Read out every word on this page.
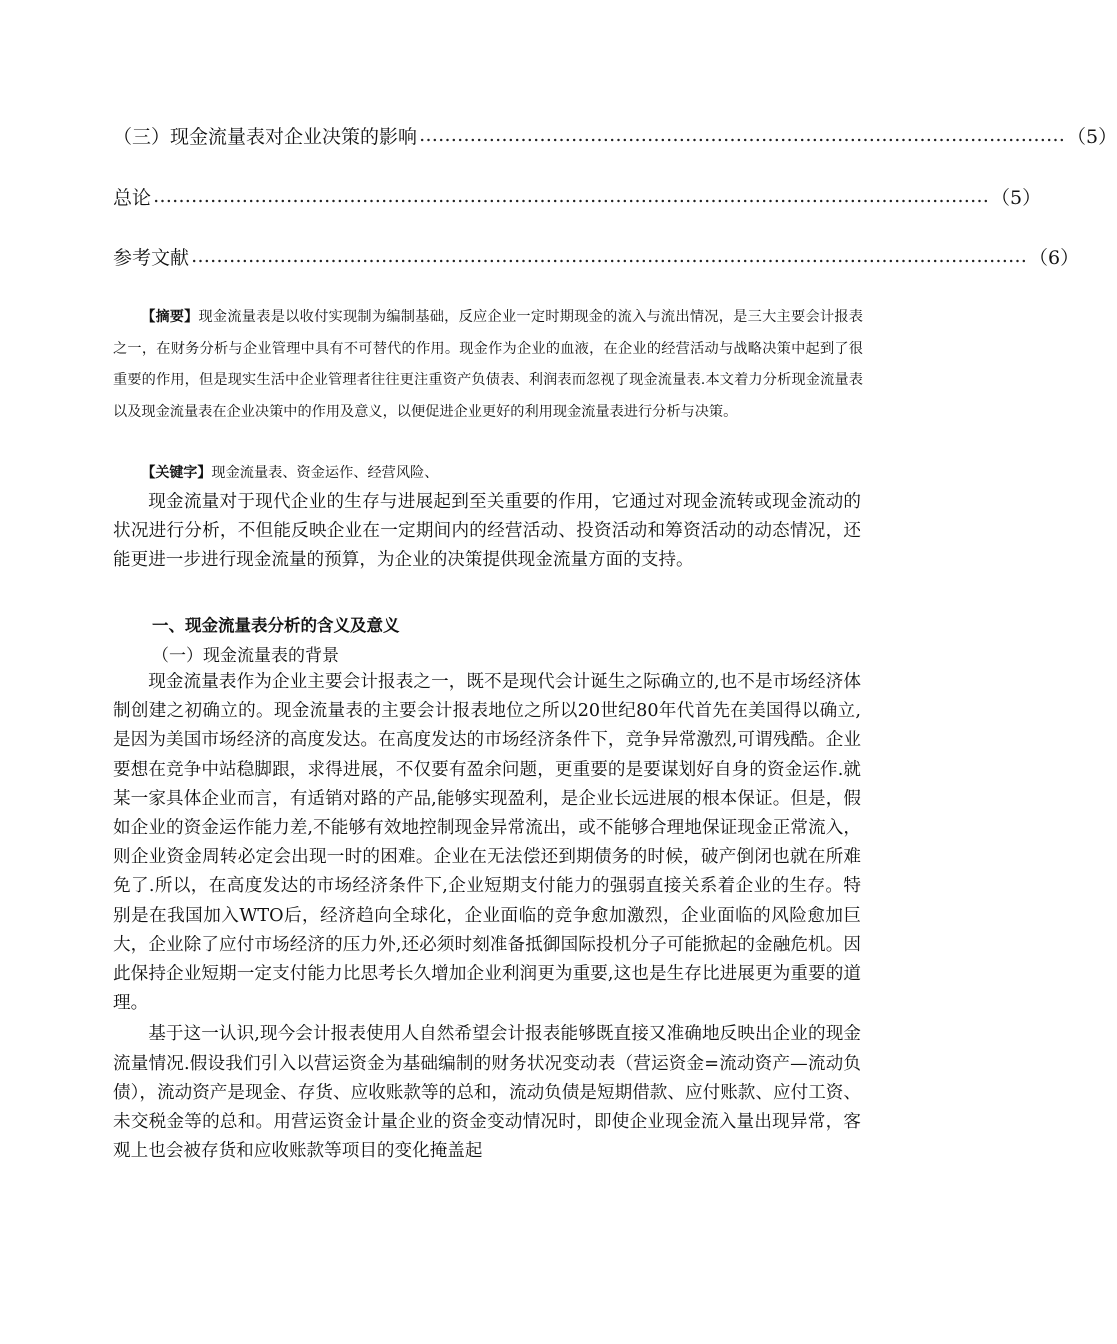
（三）现金流量表对企业决策的影响 ………………………………………………………………………………………… （5）
总论 …………………………………………………………………………………………………………………… （5）
参考文献 …………………………………………………………………………………………………………………… （6）
【摘要】现金流量表是以收付实现制为编制基础，反应企业一定时期现金的流入与流出情况，是三大主要会计报表之一，在财务分析与企业管理中具有不可替代的作用。现金作为企业的血液，在企业的经营活动与战略决策中起到了很重要的作用，但是现实生活中企业管理者往往更注重资产负债表、利润表而忽视了现金流量表.本文着力分析现金流量表以及现金流量表在企业决策中的作用及意义，以便促进企业更好的利用现金流量表进行分析与决策。
【关键字】现金流量表、资金运作、经营风险、

现金流量对于现代企业的生存与进展起到至关重要的作用，它通过对现金流转或现金流动的状况进行分析，不但能反映企业在一定期间内的经营活动、投资活动和筹资活动的动态情况，还能更进一步进行现金流量的预算，为企业的决策提供现金流量方面的支持。

一、现金流量表分析的含义及意义
（一）现金流量表的背景

现金流量表作为企业主要会计报表之一，既不是现代会计诞生之际确立的,也不是市场经济体制创建之初确立的。现金流量表的主要会计报表地位之所以20世纪80年代首先在美国得以确立,是因为美国市场经济的高度发达。在高度发达的市场经济条件下，竞争异常激烈,可谓残酷。企业要想在竞争中站稳脚跟，求得进展，不仅要有盈余问题，更重要的是要谋划好自身的资金运作.就某一家具体企业而言，有适销对路的产品,能够实现盈利，是企业长远进展的根本保证。但是，假如企业的资金运作能力差,不能够有效地控制现金异常流出，或不能够合理地保证现金正常流入，则企业资金周转必定会出现一时的困难。企业在无法偿还到期债务的时候，破产倒闭也就在所难免了.所以，在高度发达的市场经济条件下,企业短期支付能力的强弱直接关系着企业的生存。特别是在我国加入WTO后，经济趋向全球化，企业面临的竞争愈加激烈，企业面临的风险愈加巨大，企业除了应付市场经济的压力外,还必须时刻准备抵御国际投机分子可能掀起的金融危机。因此保持企业短期一定支付能力比思考长久增加企业利润更为重要,这也是生存比进展更为重要的道理。

基于这一认识,现今会计报表使用人自然希望会计报表能够既直接又准确地反映出企业的现金流量情况.假设我们引入以营运资金为基础编制的财务状况变动表（营运资金=流动资产—流动负债），流动资产是现金、存货、应收账款等的总和，流动负债是短期借款、应付账款、应付工资、未交税金等的总和。用营运资金计量企业的资金变动情况时，即使企业现金流入量出现异常，客观上也会被存货和应收账款等项目的变化掩盖起
